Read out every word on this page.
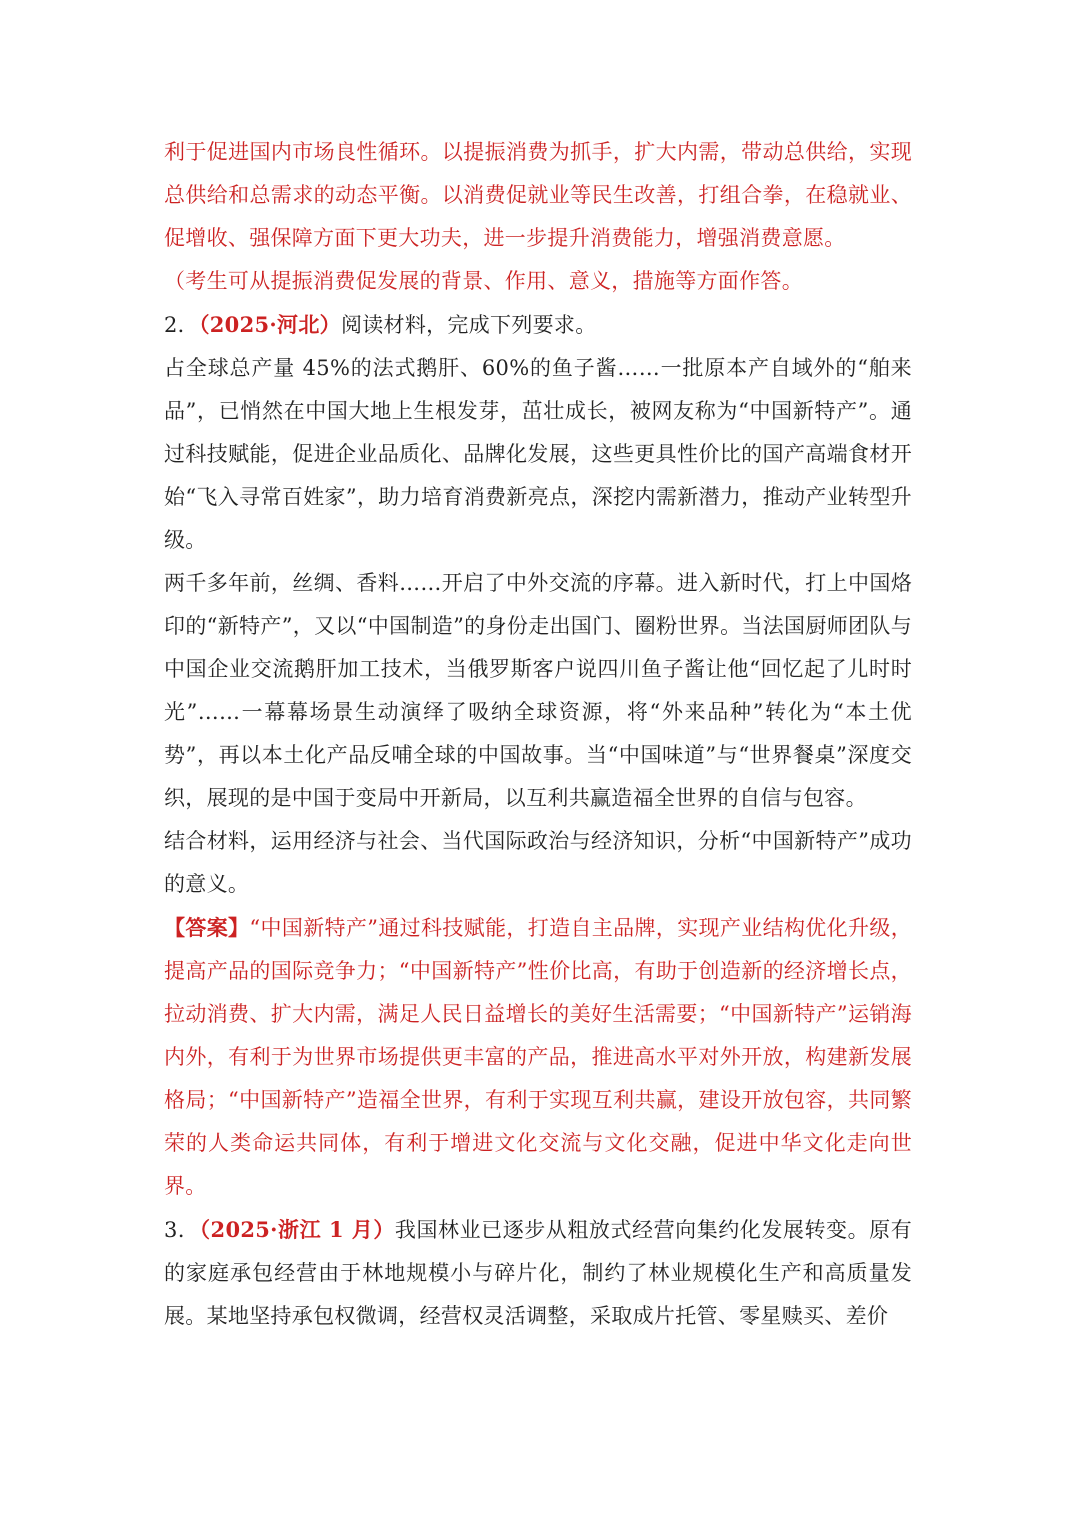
利于促进国内市场良性循环。以提振消费为抓手，扩大内需，带动总供给，实现总供给和总需求的动态平衡。以消费促就业等民生改善，打组合拳，在稳就业、促增收、强保障方面下更大功夫，进一步提升消费能力，增强消费意愿。
（考生可从提振消费促发展的背景、作用、意义，措施等方面作答。

2．（2025·河北）阅读材料，完成下列要求。

占全球总产量 45%的法式鹅肝、60%的鱼子酱……一批原本产自域外的“舶来品”，已悄然在中国大地上生根发芽，茁壮成长，被网友称为“中国新特产”。通过科技赋能，促进企业品质化、品牌化发展，这些更具性价比的国产高端食材开始“飞入寻常百姓家”，助力培育消费新亮点，深挖内需新潜力，推动产业转型升级。

两千多年前，丝绸、香料……开启了中外交流的序幕。进入新时代，打上中国烙印的“新特产”，又以“中国制造”的身份走出国门、圈粉世界。当法国厨师团队与中国企业交流鹅肝加工技术，当俄罗斯客户说四川鱼子酱让他“回忆起了儿时时光”……一幕幕场景生动演绎了吸纳全球资源，将“外来品种”转化为“本土优势”，再以本土化产品反哺全球的中国故事。当“中国味道”与“世界餐桌”深度交织，展现的是中国于变局中开新局，以互利共赢造福全世界的自信与包容。

结合材料，运用经济与社会、当代国际政治与经济知识，分析“中国新特产”成功的意义。

【答案】“中国新特产”通过科技赋能，打造自主品牌，实现产业结构优化升级，提高产品的国际竞争力；“中国新特产”性价比高，有助于创造新的经济增长点，拉动消费、扩大内需，满足人民日益增长的美好生活需要；“中国新特产”运销海内外，有利于为世界市场提供更丰富的产品，推进高水平对外开放，构建新发展格局；“中国新特产”造福全世界，有利于实现互利共赢，建设开放包容，共同繁荣的人类命运共同体，有利于增进文化交流与文化交融，促进中华文化走向世界。

3．（2025·浙江 1 月）我国林业已逐步从粗放式经营向集约化发展转变。原有的家庭承包经营由于林地规模小与碎片化，制约了林业规模化生产和高质量发展。某地坚持承包权微调，经营权灵活调整，采取成片托管、零星赎买、差价
